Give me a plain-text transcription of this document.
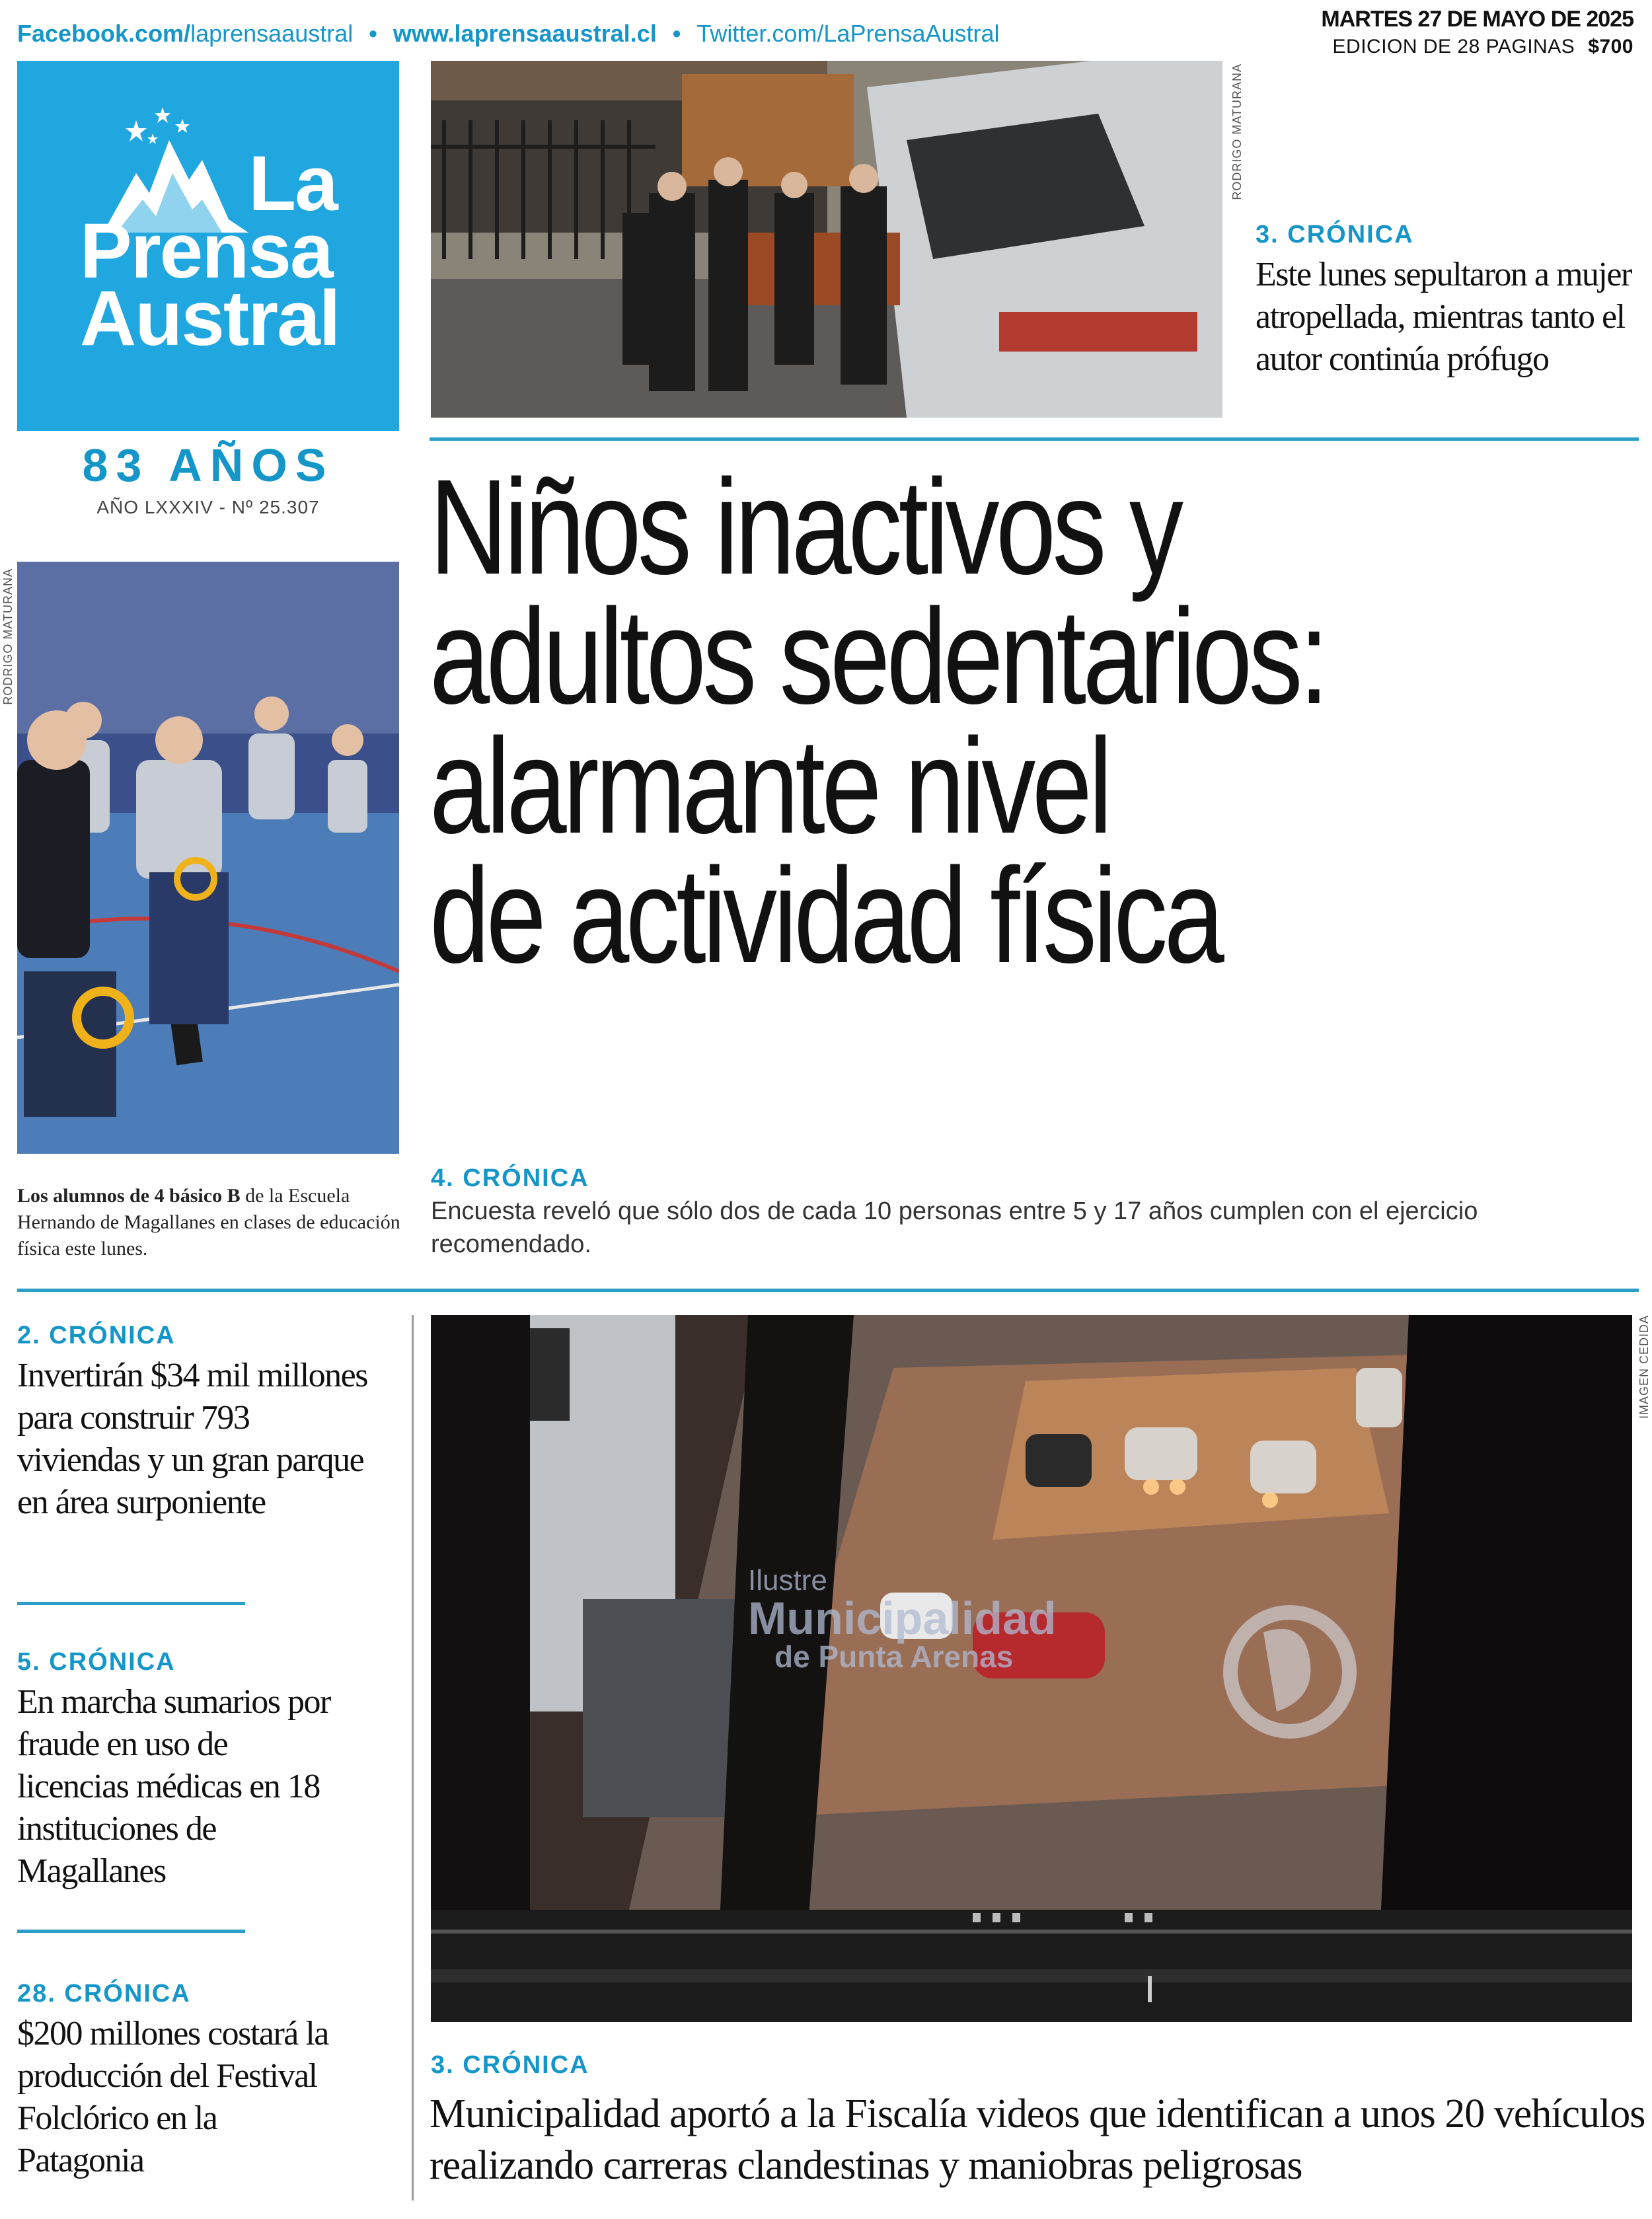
Facebook.com/laprensaaustral • www.laprensaaustral.cl • Twitter.com/LaPrensaAustral
MARTES 27 DE MAYO DE 2025
EDICION DE 28 PAGINAS $700
La
Prensa
Austral
83 AÑOS
AÑO LXXXIV - Nº 25.307
RODRIGO MATURANA
3. CRÓNICA
Este lunes sepultaron a mujer atropellada, mientras tanto el autor continúa prófugo
RODRIGO MATURANA
Los alumnos de 4 básico B de la Escuela Hernando de Magallanes en clases de educación física este lunes.
Niños inactivos y
adultos sedentarios:
alarmante nivel
de actividad física
4. CRÓNICA
Encuesta reveló que sólo dos de cada 10 personas entre 5 y 17 años cumplen con el ejercicio recomendado.
2. CRÓNICA
Invertirán $34 mil millones para construir 793 viviendas y un gran parque en área surponiente
5. CRÓNICA
En marcha sumarios por fraude en uso de licencias médicas en 18 instituciones de Magallanes
28. CRÓNICA
$200 millones costará la producción del Festival Folclórico en la Patagonia
Ilustre
Municipalidad
de Punta Arenas
IMAGEN CEDIDA
3. CRÓNICA
Municipalidad aportó a la Fiscalía videos que identifican a unos 20 vehículos realizando carreras clandestinas y maniobras peligrosas
